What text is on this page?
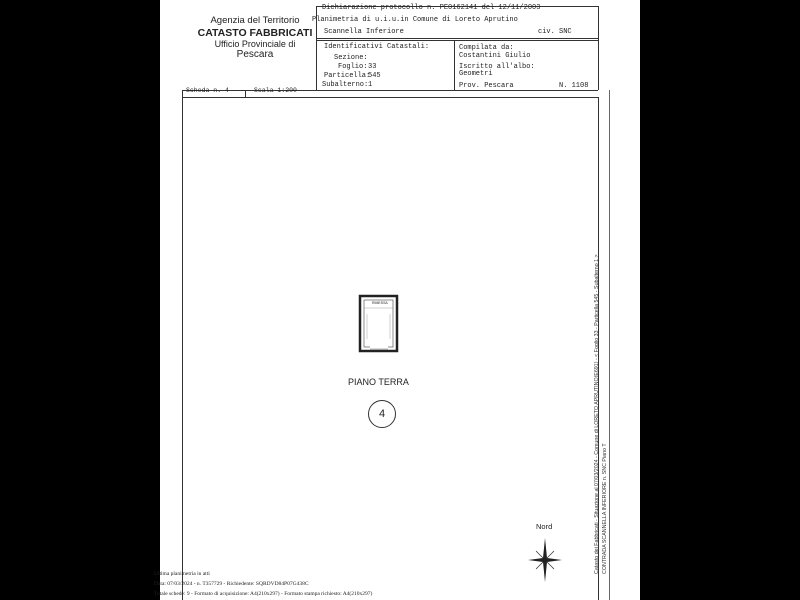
Agenzia del Territorio
CATASTO FABBRICATI
Ufficio Provinciale di
Pescara
Dichiarazione protocollo n. PE0162141 del 12/11/2003
Planimetria di u.i.u.in Comune di Loreto Aprutino
Scannella Inferiore	civ. SNC
Identificativi Catastali:
Sezione:
Foglio: 33
Particella:
545
Subalterno: 1
Compilata da:
Costantini Giulio
Iscritto all'albo:
Geometri
Prov. Pescara	N. 1108
Scheda n. 4	Scala 1:200
RIMESSA
PIANO TERRA
4
Nord
Ultima planimetria in atti
Data: 07/03/2024 - n. T357729 - Richiedente: SQRDVD84P07G438C
Totale schede: 9 - Formato di acquisizione: A4(210x297) - Formato stampa richiesto: A4(210x297)
Catasto dei Fabbricati - Situazione al 07/03/2024 - Comune di LORETO APRUTINO(E691) - < Foglio 33 - Particella 545 - Subalterno 1 > CONTRADA SCANNELLA INFERIORE n. SNC Piano T
